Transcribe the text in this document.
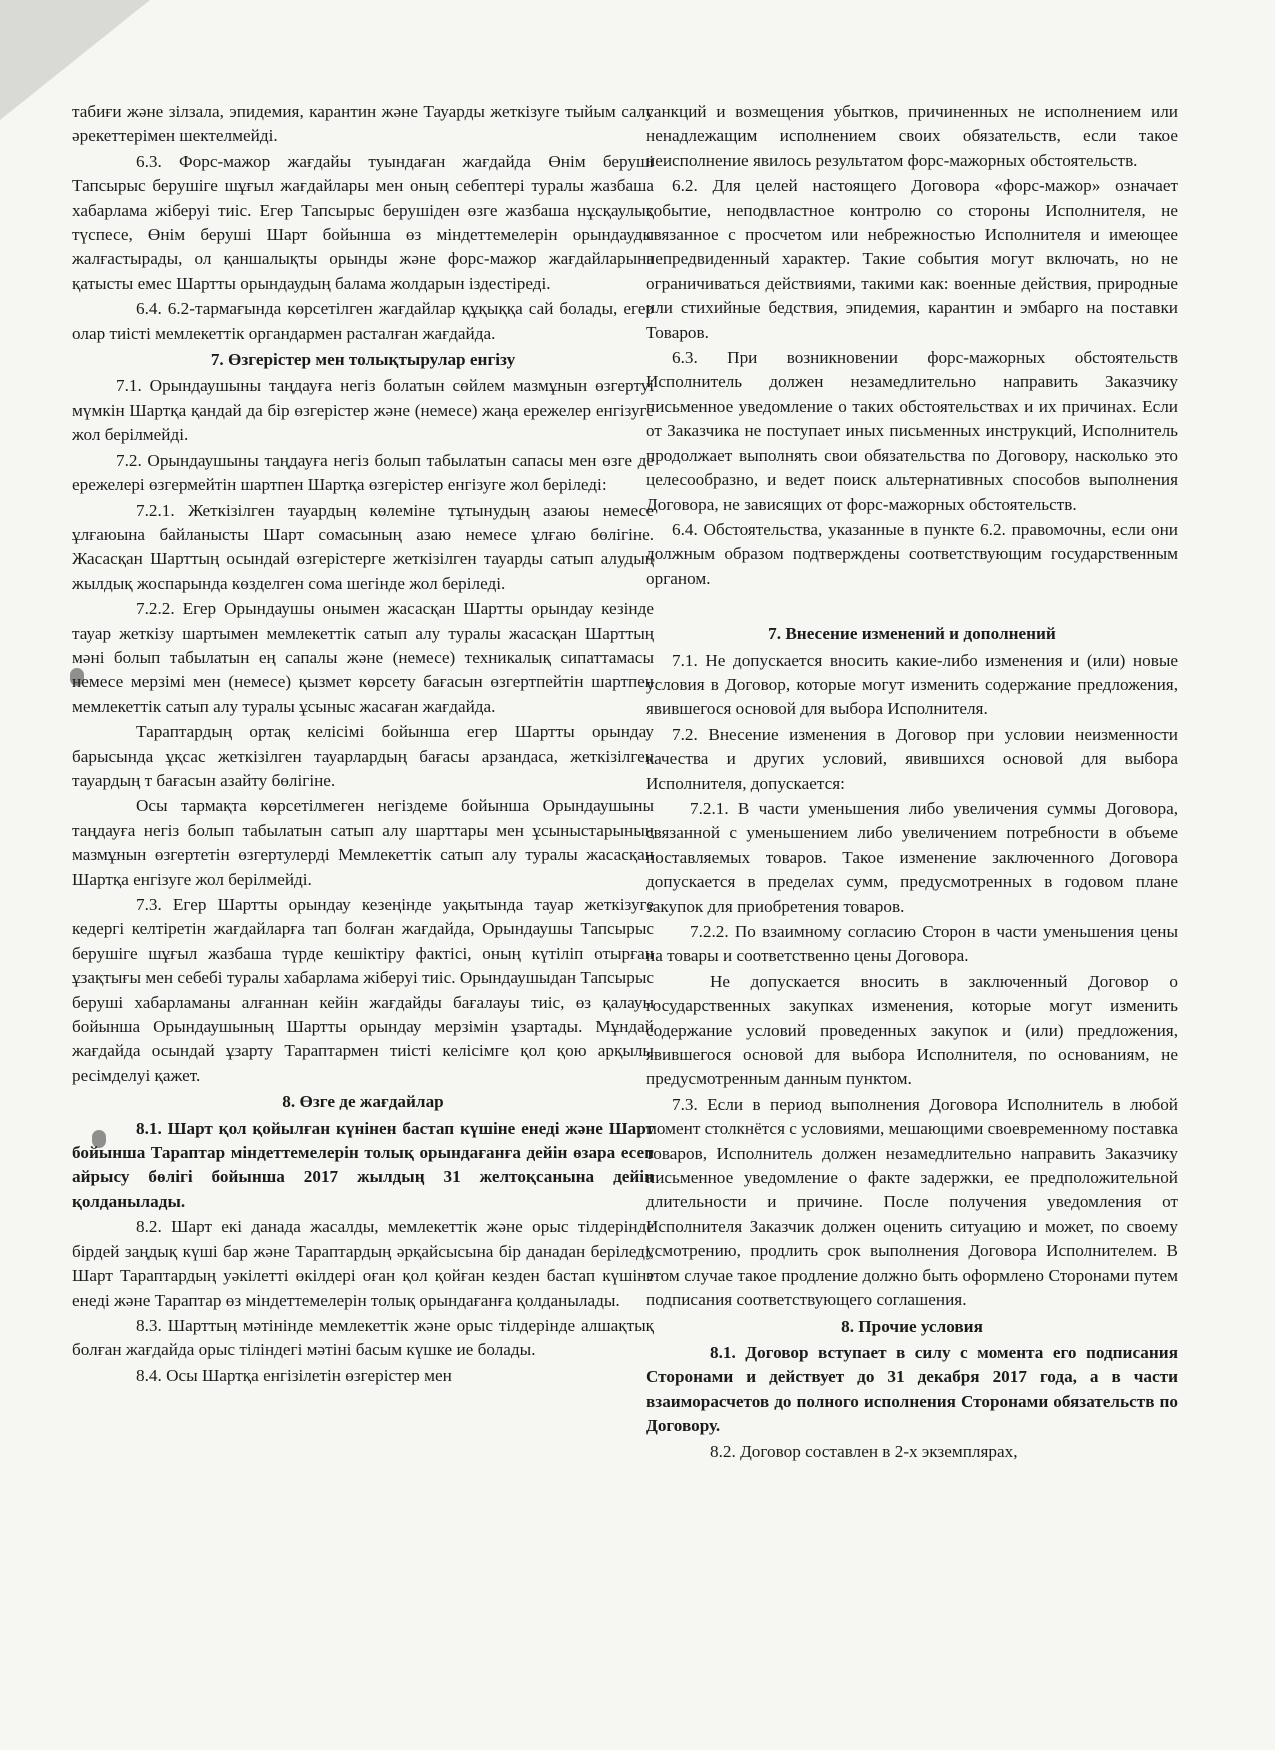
табиғи және зілзала, эпидемия, карантин және Тауарды жеткізуге тыйым салу әрекеттерімен шектелмейді.

6.3. Форс-мажор жағдайы туындаған жағдайда Өнім беруші Тапсырыс берушіге шұғыл жағдайлары мен оның себептері туралы жазбаша хабарлама жіберуі тиіс. Егер Тапсырыс берушіден өзге жазбаша нұсқаулық түспесе, Өнім беруші Шарт бойынша өз міндеттемелерін орындауды жалғастырады, ол қаншалықты орынды және форс-мажор жағдайларына қатысты емес Шартты орындаудың балама жолдарын іздестіреді.

6.4. 6.2-тармағында көрсетілген жағдайлар құқыққа сай болады, егер олар тиісті мемлекеттік органдармен расталған жағдайда.

7. Өзгерістер мен толықтырулар енгізу

7.1. Орындаушыны таңдауға негіз болатын сөйлем мазмұнын өзгертуі мүмкін Шартқа қандай да бір өзгерістер және (немесе) жаңа ережелер енгізуге жол берілмейді.

7.2. Орындаушыны таңдауға негіз болып табылатын сапасы мен өзге де ережелері өзгермейтін шартпен Шартқа өзгерістер енгізуге жол беріледі:

7.2.1. Жеткізілген тауардың көлеміне тұтынудың азаюы немесе ұлғаюына байланысты Шарт сомасының азаю немесе ұлғаю бөлігіне. Жасасқан Шарттың осындай өзгерістерге жеткізілген тауарды сатып алудың жылдық жоспарында көзделген сома шегінде жол беріледі.

7.2.2. Егер Орындаушы онымен жасасқан Шартты орындау кезінде тауар жеткізу шартымен мемлекеттік сатып алу туралы жасасқан Шарттың мәні болып табылатын ең сапалы және (немесе) техникалық сипаттамасы немесе мерзімі мен (немесе) қызмет көрсету бағасын өзгертпейтін шартпен мемлекеттік сатып алу туралы ұсыныс жасаған жағдайда.

Тараптардың ортақ келісімі бойынша егер Шартты орындау барысында ұқсас жеткізілген тауарлардың бағасы арзандаса, жеткізілген тауардың т бағасын азайту бөлігіне.

Осы тармақта көрсетілмеген негіздеме бойынша Орындаушыны таңдауға негіз болып табылатын сатып алу шарттары мен ұсыныстарының мазмұнын өзгертетін өзгертулерді Мемлекеттік сатып алу туралы жасасқан Шартқа енгізуге жол берілмейді.

7.3. Егер Шартты орындау кезеңінде уақытында тауар жеткізуге кедергі келтіретін жағдайларға тап болған жағдайда, Орындаушы Тапсырыс берушіге шұғыл жазбаша түрде кешіктіру фактісі, оның күтіліп отырған ұзақтығы мен себебі туралы хабарлама жіберуі тиіс. Орындаушыдан Тапсырыс беруші хабарламаны алғаннан кейін жағдайды бағалауы тиіс, өз қалауы бойынша Орындаушының Шартты орындау мерзімін ұзартады. Мұндай жағдайда осындай ұзарту Тараптармен тиісті келісімге қол қою арқылы ресімделуі қажет.

8. Өзге де жағдайлар

8.1. Шарт қол қойылған күнінен бастап күшіне енеді және Шарт бойынша Тараптар міндеттемелерін толық орындағанға дейін өзара есеп айрысу бөлігі бойынша 2017 жылдың 31 желтоқсанына дейін қолданылады.

8.2. Шарт екі данада жасалды, мемлекеттік және орыс тілдерінде бірдей заңдық күші бар және Тараптардың әрқайсысына бір данадан беріледі, Шарт Тараптардың уәкілетті өкілдері оған қол қойған кезден бастап күшіне енеді және Тараптар өз міндеттемелерін толық орындағанға қолданылады.

8.3. Шарттың мәтінінде мемлекеттік және орыс тілдерінде алшақтық болған жағдайда орыс тіліндегі мәтіні басым күшке ие болады.

8.4. Осы Шартқа енгізілетін өзгерістер мен

санкций и возмещения убытков, причиненных не исполнением или ненадлежащим исполнением своих обязательств, если такое неисполнение явилось результатом форс-мажорных обстоятельств.

6.2. Для целей настоящего Договора «форс-мажор» означает событие, неподвластное контролю со стороны Исполнителя, не связанное с просчетом или небрежностью Исполнителя и имеющее непредвиденный характер. Такие события могут включать, но не ограничиваться действиями, такими как: военные действия, природные или стихийные бедствия, эпидемия, карантин и эмбарго на поставки Товаров.

6.3. При возникновении форс-мажорных обстоятельств Исполнитель должен незамедлительно направить Заказчику письменное уведомление о таких обстоятельствах и их причинах. Если от Заказчика не поступает иных письменных инструкций, Исполнитель продолжает выполнять свои обязательства по Договору, насколько это целесообразно, и ведет поиск альтернативных способов выполнения Договора, не зависящих от форс-мажорных обстоятельств.

6.4. Обстоятельства, указанные в пункте 6.2. правомочны, если они должным образом подтверждены соответствующим государственным органом.

7. Внесение изменений и дополнений

7.1. Не допускается вносить какие-либо изменения и (или) новые условия в Договор, которые могут изменить содержание предложения, явившегося основой для выбора Исполнителя.

7.2. Внесение изменения в Договор при условии неизменности качества и других условий, явившихся основой для выбора Исполнителя, допускается:

7.2.1. В части уменьшения либо увеличения суммы Договора, связанной с уменьшением либо увеличением потребности в объеме поставляемых товаров. Такое изменение заключенного Договора допускается в пределах сумм, предусмотренных в годовом плане закупок для приобретения товаров.

7.2.2. По взаимному согласию Сторон в части уменьшения цены на товары и соответственно цены Договора.

Не допускается вносить в заключенный Договор о государственных закупках изменения, которые могут изменить содержание условий проведенных закупок и (или) предложения, явившегося основой для выбора Исполнителя, по основаниям, не предусмотренным данным пунктом.

7.3. Если в период выполнения Договора Исполнитель в любой момент столкнётся с условиями, мешающими своевременному поставка товаров, Исполнитель должен незамедлительно направить Заказчику письменное уведомление о факте задержки, ее предположительной длительности и причине. После получения уведомления от Исполнителя Заказчик должен оценить ситуацию и может, по своему усмотрению, продлить срок выполнения Договора Исполнителем. В этом случае такое продление должно быть оформлено Сторонами путем подписания соответствующего соглашения.

8. Прочие условия

8.1. Договор вступает в силу с момента его подписания Сторонами и действует до 31 декабря 2017 года, а в части взаиморасчетов до полного исполнения Сторонами обязательств по Договору.

8.2. Договор составлен в 2-х экземплярах,
